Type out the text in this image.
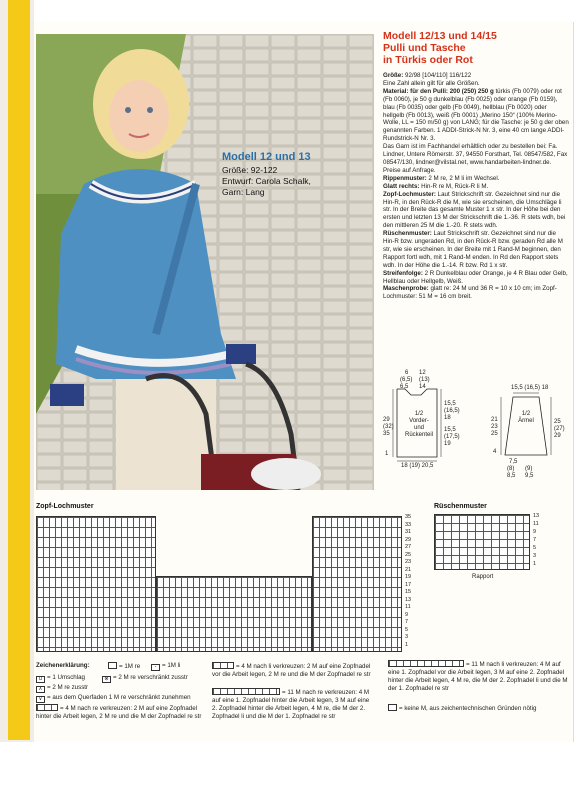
Modell 12 und 13
Größe: 92-122
Entwurf: Carola Schalk,
Garn: Lang
Modell 12/13 und 14/15
Pulli und Tasche
in Türkis oder Rot

Größe: 92/98 [104/110] 116/122

Eine Zahl allein gilt für alle Größen.

Material: für den Pulli: 200 (250) 250 g türkis (Fb 0079) oder rot (Fb 0060), je 50 g dunkelblau (Fb 0025) oder orange (Fb 0159), blau (Fb 0035) oder gelb (Fb 0049), hellblau (Fb 0020) oder hellgelb (Fb 0013), weiß (Fb 0001) „Merino 150“ (100% Merino-Wolle, LL = 150 m/50 g) von LANG; für die Tasche: je 50 g der oben genannten Farben. 1 ADDI-Strick-N Nr. 3, eine 40 cm lange ADDI-Rundstrick-N Nr. 3.

Das Garn ist im Fachhandel erhältlich oder zu bestellen bei: Fa. Lindner, Untere Römerstr. 37, 94550 Forsthart, Tel. 08547/582, Fax 08547/130, lindner@vilstal.net, www.handarbeiten-lindner.de. Preise auf Anfrage.

Rippenmuster: 2 M re, 2 M li im Wechsel.

Glatt rechts: Hin-R re M, Rück-R li M.

Zopf-Lochmuster: Laut Strickschrift str. Gezeichnet sind nur die Hin-R, in den Rück-R die M, wie sie erscheinen, die Umschläge li str. In der Breite das gesamte Muster 1 x str. In der Höhe bei den ersten und letzten 13 M der Strickschrift die 1.-36. R stets wdh, bei den mittleren 25 M die 1.-20. R stets wdh.

Rüschenmuster: Laut Strickschrift str. Gezeichnet sind nur die Hin-R bzw. ungeraden Rd, in den Rück-R bzw. geraden Rd alle M str, wie sie erscheinen. In der Breite mit 1 Rand-M beginnen, den Rapport fortl wdh, mit 1 Rand-M enden. In Rd den Rapport stets wdh. In der Höhe die 1.-14. R bzw. Rd 1 x str.

Streifenfolge: 2 R Dunkelblau oder Orange, je 4 R Blau oder Gelb, Hellblau oder Hellgelb, Weiß.

Maschenprobe: glatt re: 24 M und 36 R = 10 x 10 cm; im Zopf-Lochmuster: 51 M = 16 cm breit.

6 12
(6,5) (13)
14
6,5
1/2 Vorder- und Rückenteil
29
(32)
35
1
15,5
(16,5)
18
15,5
(17,5)
19
18 (19) 20,5
15,5 (16,5) 18
1/2 Ärmel
21
23
25
4
25
(27)
29
7,5
(8)
8,5
(9)
9,5
Zopf-Lochmuster
35
33
31
29
27
25
23
21
19
17
15
13
11
9
7
5
3
1
Rüschenmuster
13
11
9
7
5
3
1
Rapport
Zeichenerklärung:	= 1M re	- = 1M li
U = 1 Umschlag	⊗ = 2 M re verschränkt zusstr
∧ = 2 M re zusstr
∨ = aus dem Querfaden 1 M re verschränkt zunehmen
= 4 M nach re verkreuzen: 2 M auf eine Zopfnadel hinter die Arbeit legen, 2 M re und die M der Zopfnadel re str
= 4 M nach li verkreuzen: 2 M auf eine Zopfnadel vor die Arbeit legen, 2 M re und die M der Zopfnadel re str
= 11 M nach re verkreuzen: 4 M auf eine 1. Zopfnadel hinter die Arbeit legen, 3 M auf eine 2. Zopfnadel hinter die Arbeit legen, 4 M re, die M der 2. Zopfnadel li und die M der 1. Zopfnadel re str
= 11 M nach li verkreuzen: 4 M auf eine 1. Zopfnadel vor die Arbeit legen, 3 M auf eine 2. Zopfnadel hinter die Arbeit legen, 4 M re, die M der 2. Zopfnadel li und die M der 1. Zopfnadel re str
= keine M, aus zeichentechnischen Gründen nötig
